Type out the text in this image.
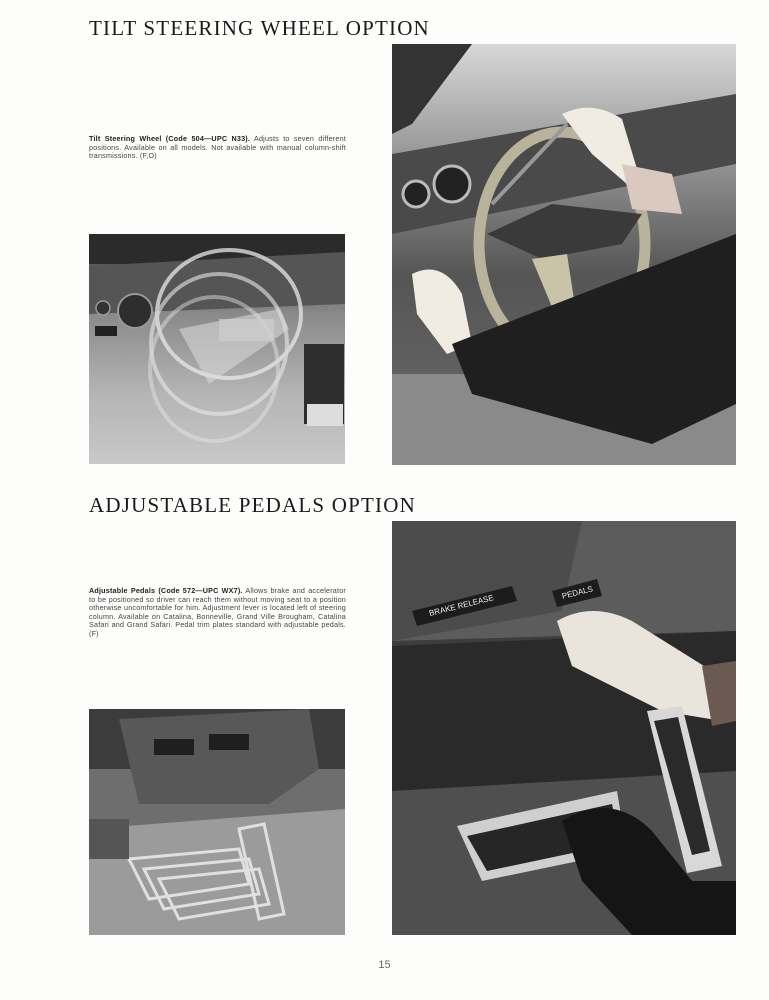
TILT STEERING WHEEL OPTION

Tilt Steering Wheel (Code 504—UPC N33). Adjusts to seven different positions. Available on all models. Not available with manual column-shift transmissions. (F,O)

ADJUSTABLE PEDALS OPTION

Adjustable Pedals (Code 572—UPC WX7). Allows brake and accelerator to be positioned so driver can reach them without moving seat to a position otherwise uncomfortable for him. Adjustment lever is located left of steering column. Available on Catalina, Bonneville, Grand Ville Brougham, Catalina Safari and Grand Safari. Pedal trim plates standard with adjustable pedals. (F)

BRAKE RELEASE
PEDALS
15
